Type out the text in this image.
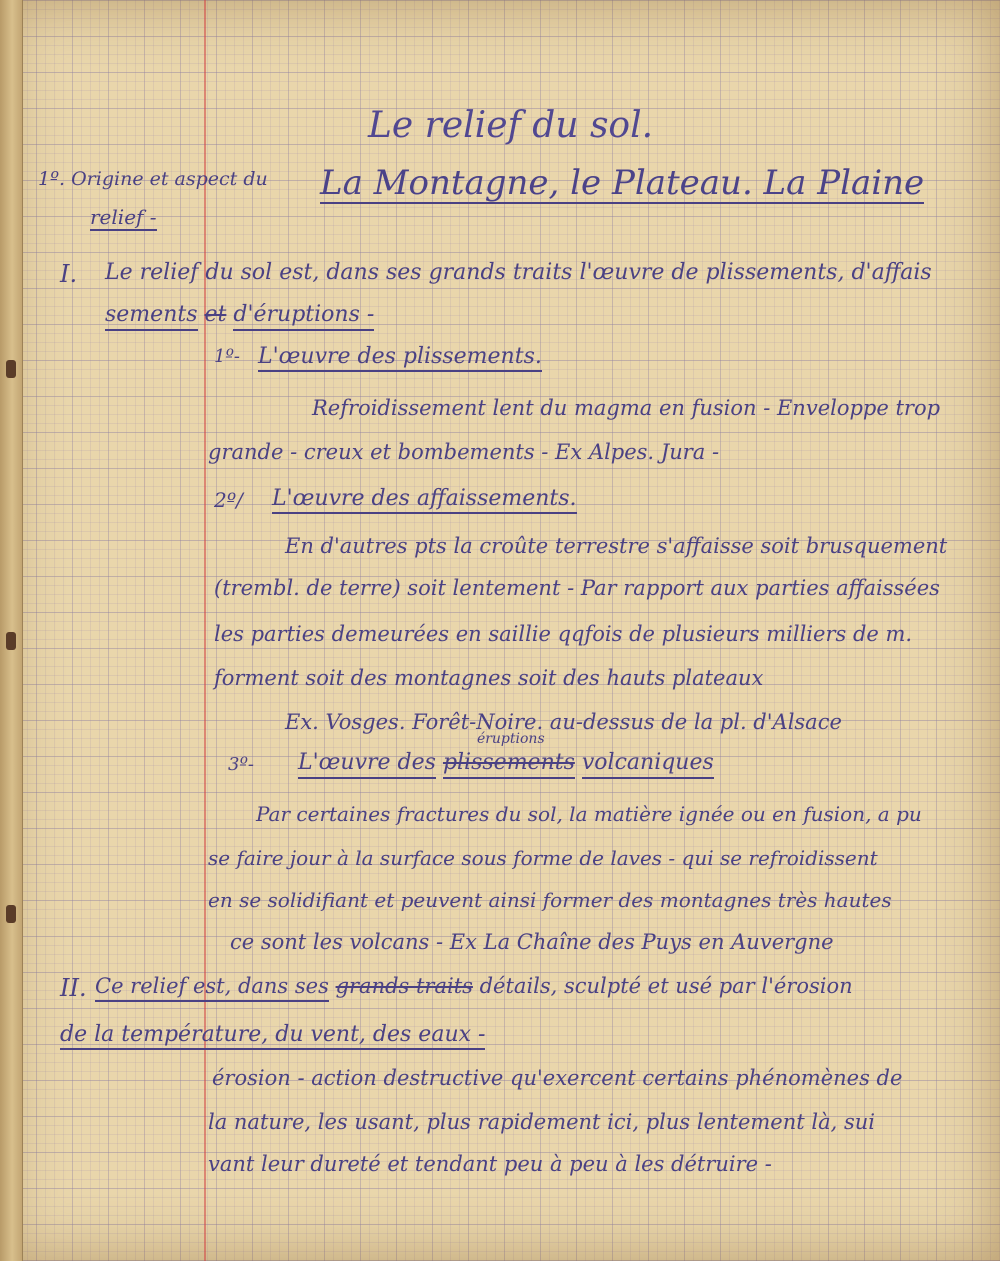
Le relief du sol.
La Montagne, le Plateau. La Plaine
1º. Origine et aspect du
relief -
I. Le relief du sol est, dans ses grands traits l'œuvre de plissements, d'affais
sements et d'éruptions -
1º- L'œuvre des plissements.
Refroidissement lent du magma en fusion - Enveloppe trop
grande - creux et bombements - Ex Alpes. Jura -
2º/ L'œuvre des affaissements.
En d'autres pts la croûte terrestre s'affaisse soit brusquement
(trembl. de terre) soit lentement - Par rapport aux parties affaissées
les parties demeurées en saillie qqfois de plusieurs milliers de m.
forment soit des montagnes soit des hauts plateaux
Ex. Vosges. Forêt-Noire. au-dessus de la pl. d'Alsace
3º- L'œuvre des plissements
éruptions
volcaniques
Par certaines fractures du sol, la matière ignée ou en fusion, a pu
se faire jour à la surface sous forme de laves - qui se refroidissent
en se solidifiant et peuvent ainsi former des montagnes très hautes
ce sont les volcans - Ex La Chaîne des Puys en Auvergne
II. Ce relief est, dans ses grands traits détails, sculpté et usé par l'érosion
de la température, du vent, des eaux -
érosion - action destructive qu'exercent certains phénomènes de
la nature, les usant, plus rapidement ici, plus lentement là, sui
vant leur dureté et tendant peu à peu à les détruire -
